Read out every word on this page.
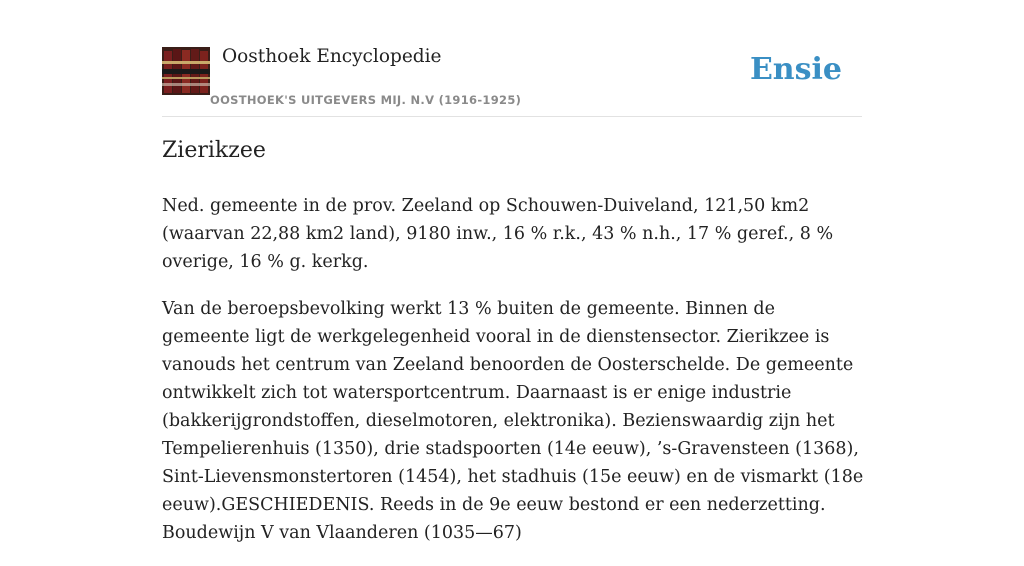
Oosthoek Encyclopedie
OOSTHOEK'S UITGEVERS MIJ. N.V (1916-1925)
Ensie
Zierikzee

Ned. gemeente in de prov. Zeeland op Schouwen-Duiveland, 121,50 km2 (waarvan 22,88 km2 land), 9180 inw., 16 % r.k., 43 % n.h., 17 % geref., 8 % overige, 16 % g. kerkg.

Van de beroepsbevolking werkt 13 % buiten de gemeente. Binnen de gemeente ligt de werkgelegenheid vooral in de dienstensector. Zierikzee is vanouds het centrum van Zeeland benoorden de Oosterschelde. De gemeente ontwikkelt zich tot watersportcentrum. Daarnaast is er enige industrie (bakkerijgrondstoffen, dieselmotoren, elektronika). Bezienswaardig zijn het Tempelierenhuis (1350), drie stadspoorten (14e eeuw), ’s-Gravensteen (1368), Sint-Lievensmonstertoren (1454), het stadhuis (15e eeuw) en de vismarkt (18e eeuw).GESCHIEDENIS. Reeds in de 9e eeuw bestond er een nederzetting. Boudewijn V van Vlaanderen (1035—67)
